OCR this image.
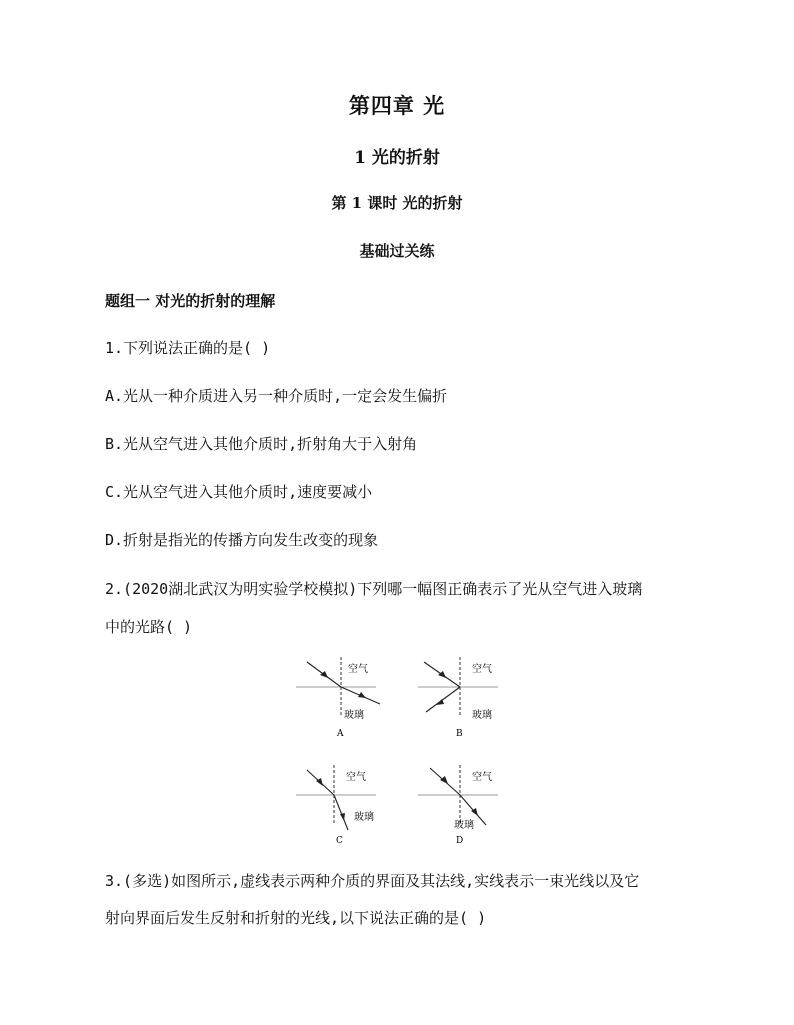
第四章 光
1 光的折射
第 1 课时 光的折射
基础过关练
题组一 对光的折射的理解
1.下列说法正确的是( )
A.光从一种介质进入另一种介质时,一定会发生偏折
B.光从空气进入其他介质时,折射角大于入射角
C.光从空气进入其他介质时,速度要减小
D.折射是指光的传播方向发生改变的现象
2.(2020湖北武汉为明实验学校模拟)下列哪一幅图正确表示了光从空气进入玻璃
中的光路( )
空气
玻璃
A
空气
玻璃
B
空气
玻璃
C
空气
玻璃
D
3.(多选)如图所示,虚线表示两种介质的界面及其法线,实线表示一束光线以及它
射向界面后发生反射和折射的光线,以下说法正确的是( )
